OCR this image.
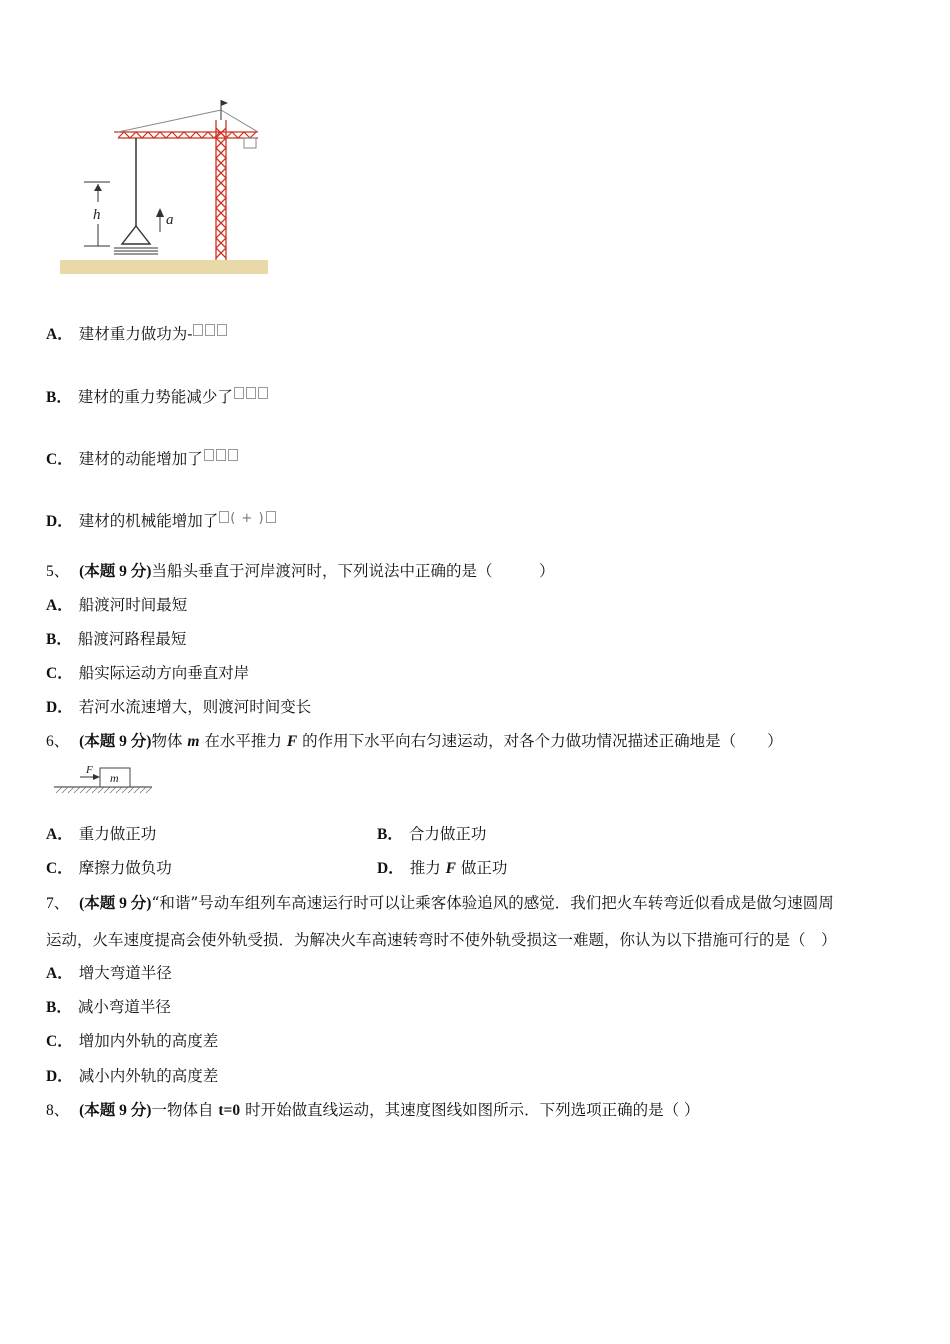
h	a
A． 建材重力做功为-
B． 建材的重力势能减少了
C． 建材的动能增加了
D． 建材的机械能增加了 ( + )
5、 (本题 9 分)当船头垂直于河岸渡河时，下列说法中正确的是（　　　）
A． 船渡河时间最短
B． 船渡河路程最短
C． 船实际运动方向垂直对岸
D． 若河水流速增大，则渡河时间变长
6、 (本题 9 分)物体 m 在水平推力 F 的作用下水平向右匀速运动，对各个力做功情况描述正确地是（　　）
m
F
A． 重力做正功	B． 合力做正功
C． 摩擦力做负功	D． 推力 F 做正功
7、 (本题 9 分)“和谐”号动车组列车高速运行时可以让乘客体验追风的感觉．我们把火车转弯近似看成是做匀速圆周
运动，火车速度提高会使外轨受损．为解决火车高速转弯时不使外轨受损这一难题，你认为以下措施可行的是（　）
A． 增大弯道半径
B． 减小弯道半径
C． 增加内外轨的高度差
D． 减小内外轨的高度差
8、 (本题 9 分)一物体自 t=0 时开始做直线运动，其速度图线如图所示．下列选项正确的是（ ）
